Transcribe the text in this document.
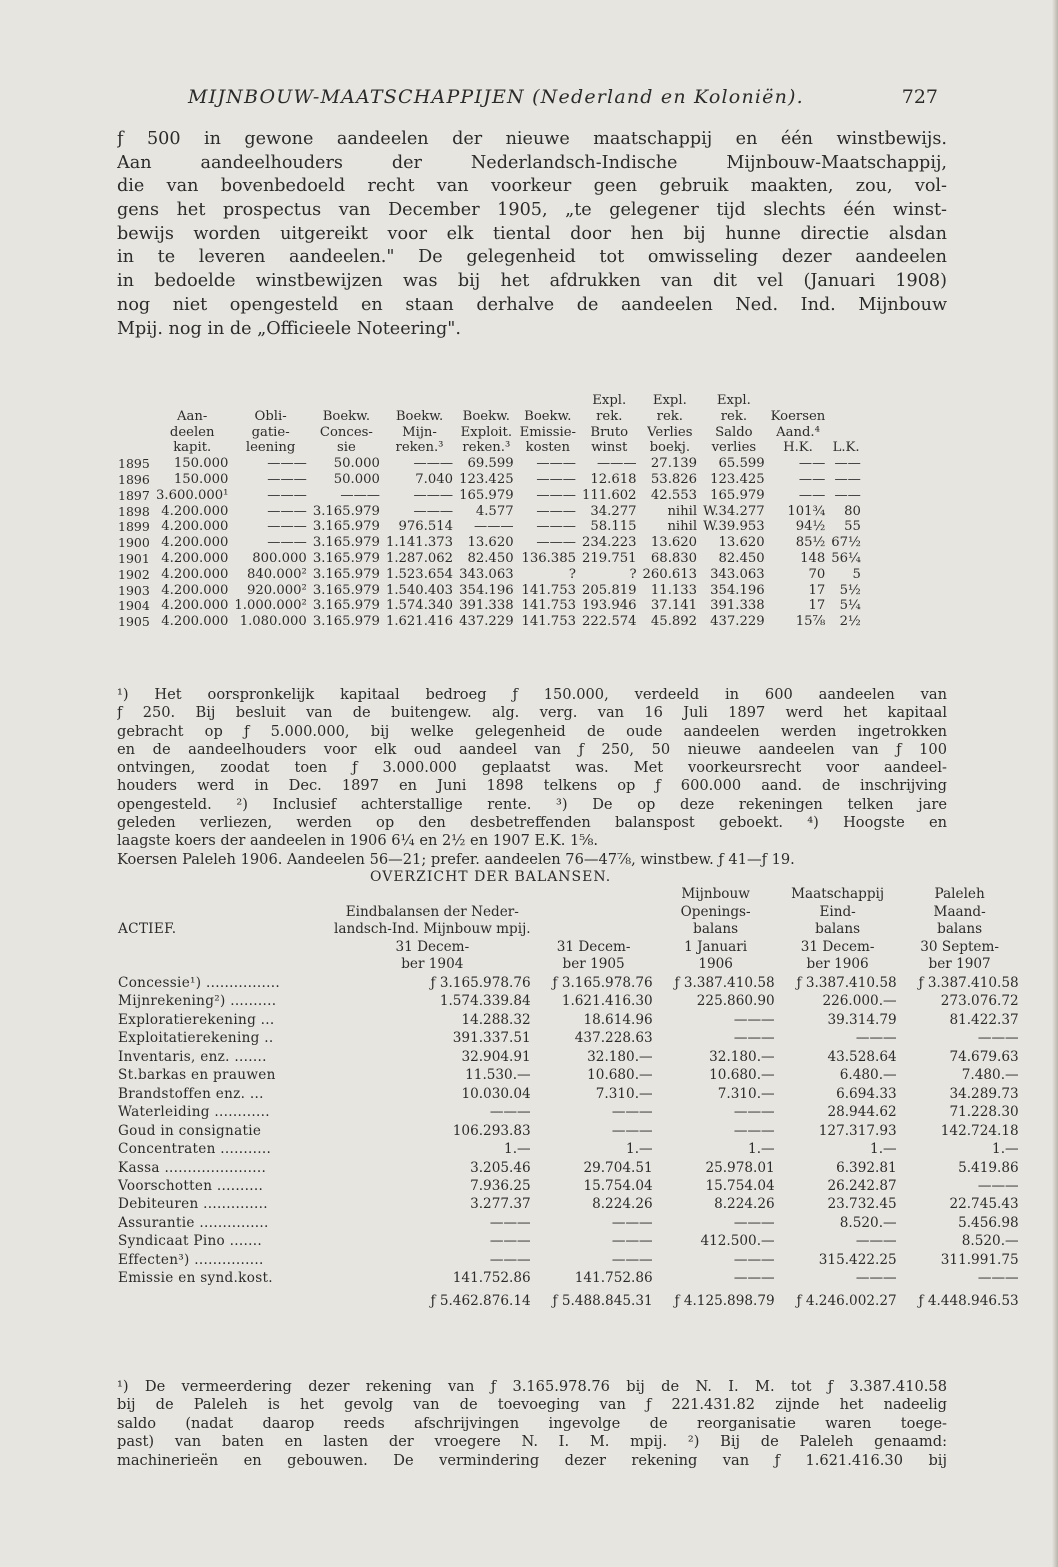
MIJNBOUW-MAATSCHAPPIJEN (Nederland en Koloniën).	727
ƒ 500 in gewone aandeelen der nieuwe maatschappij en één winstbewijs.
Aan aandeelhouders der Nederlandsch-Indische Mijnbouw-Maatschappij,
die van bovenbedoeld recht van voorkeur geen gebruik maakten, zou, vol-
gens het prospectus van December 1905, „te gelegener tijd slechts één winst-
bewijs worden uitgereikt voor elk tiental door hen bij hunne directie alsdan
in te leveren aandeelen." De gelegenheid tot omwisseling dezer aandeelen
in bedoelde winstbewijzen was bij het afdrukken van dit vel (Januari 1908)
nog niet opengesteld en staan derhalve de aandeelen Ned. Ind. Mijnbouw
Mpij. nog in de „Officieele Noteering".
							Expl.	Expl.	Expl.		
	Aan-	Obli-	Boekw.	Boekw.	Boekw.	Boekw.	rek.	rek.	rek.	Koersen	
	deelen	gatie-	Conces-	Mijn-	Exploit.	Emissie-	Bruto	Verlies	Saldo	Aand.⁴	
	kapit.	leening	sie	reken.³	reken.³	kosten	winst	boekj.	verlies	H.K.	L.K.
1895	150.000	———	50.000	———	69.599	———	———	27.139	65.599	——	——
1896	150.000	———	50.000	7.040	123.425	———	12.618	53.826	123.425	——	——
1897	3.600.000¹	———	———	———	165.979	———	111.602	42.553	165.979	——	——
1898	4.200.000	———	3.165.979	———	4.577	———	34.277	nihil	W.34.277	101¾	80
1899	4.200.000	———	3.165.979	976.514	———	———	58.115	nihil	W.39.953	94½	55
1900	4.200.000	———	3.165.979	1.141.373	13.620	———	234.223	13.620	13.620	85½	67½
1901	4.200.000	800.000	3.165.979	1.287.062	82.450	136.385	219.751	68.830	82.450	148	56¼
1902	4.200.000	840.000²	3.165.979	1.523.654	343.063	?	?	260.613	343.063	70	5
1903	4.200.000	920.000²	3.165.979	1.540.403	354.196	141.753	205.819	11.133	354.196	17	5½
1904	4.200.000	1.000.000²	3.165.979	1.574.340	391.338	141.753	193.946	37.141	391.338	17	5¼
1905	4.200.000	1.080.000	3.165.979	1.621.416	437.229	141.753	222.574	45.892	437.229	15⅞	2½
¹) Het oorspronkelijk kapitaal bedroeg ƒ 150.000, verdeeld in 600 aandeelen van
ƒ 250. Bij besluit van de buitengew. alg. verg. van 16 Juli 1897 werd het kapitaal
gebracht op ƒ 5.000.000, bij welke gelegenheid de oude aandeelen werden ingetrokken
en de aandeelhouders voor elk oud aandeel van ƒ 250, 50 nieuwe aandeelen van ƒ 100
ontvingen, zoodat toen ƒ 3.000.000 geplaatst was. Met voorkeursrecht voor aandeel-
houders werd in Dec. 1897 en Juni 1898 telkens op ƒ 600.000 aand. de inschrijving
opengesteld. ²) Inclusief achterstallige rente. ³) De op deze rekeningen telken jare
geleden verliezen, werden op den desbetreffenden balanspost geboekt. ⁴) Hoogste en
laagste koers der aandeelen in 1906 6¼ en 2½ en 1907 E.K. 1⅝.
Koersen Paleleh 1906. Aandeelen 56—21; prefer. aandeelen 76—47⅞, winstbew. ƒ 41—ƒ 19.
OVERZICHT DER BALANSEN.
			Mijnbouw	Maatschappij	Paleleh
	Eindbalansen der Neder-		Openings-	Eind-	Maand-
ACTIEF.	landsch-Ind. Mijnbouw mpij.		balans	balans	balans
	31 Decem-	31 Decem-	1 Januari	31 Decem-	30 Septem-
	ber 1904	ber 1905	1906	ber 1906	ber 1907
Concessie¹) ................	ƒ 3.165.978.76	ƒ 3.165.978.76	ƒ 3.387.410.58	ƒ 3.387.410.58	ƒ 3.387.410.58
Mijnrekening²) ..........	1.574.339.84	1.621.416.30	225.860.90	226.000.—	273.076.72
Exploratierekening ...	14.288.32	18.614.96	———	39.314.79	81.422.37
Exploitatierekening ..	391.337.51	437.228.63	———	———	———
Inventaris, enz. .......	32.904.91	32.180.—	32.180.—	43.528.64	74.679.63
St.barkas en prauwen	11.530.—	10.680.—	10.680.—	6.480.—	7.480.—
Brandstoffen enz. ...	10.030.04	7.310.—	7.310.—	6.694.33	34.289.73
Waterleiding ............	———	———	———	28.944.62	71.228.30
Goud in consignatie	106.293.83	———	———	127.317.93	142.724.18
Concentraten ...........	1.—	1.—	1.—	1.—	1.—
Kassa ......................	3.205.46	29.704.51	25.978.01	6.392.81	5.419.86
Voorschotten ..........	7.936.25	15.754.04	15.754.04	26.242.87	———
Debiteuren ..............	3.277.37	8.224.26	8.224.26	23.732.45	22.745.43
Assurantie ...............	———	———	———	8.520.—	5.456.98
Syndicaat Pino .......	———	———	412.500.—	———	8.520.—
Effecten³) ...............	———	———	———	315.422.25	311.991.75
Emissie en synd.kost.	141.752.86	141.752.86	———	———	———
	ƒ 5.462.876.14	ƒ 5.488.845.31	ƒ 4.125.898.79	ƒ 4.246.002.27	ƒ 4.448.946.53
¹) De vermeerdering dezer rekening van ƒ 3.165.978.76 bij de N. I. M. tot ƒ 3.387.410.58
bij de Paleleh is het gevolg van de toevoeging van ƒ 221.431.82 zijnde het nadeelig
saldo (nadat daarop reeds afschrijvingen ingevolge de reorganisatie waren toege-
past) van baten en lasten der vroegere N. I. M. mpij. ²) Bij de Paleleh genaamd:
machinerieën en gebouwen. De vermindering dezer rekening van ƒ 1.621.416.30 bij
